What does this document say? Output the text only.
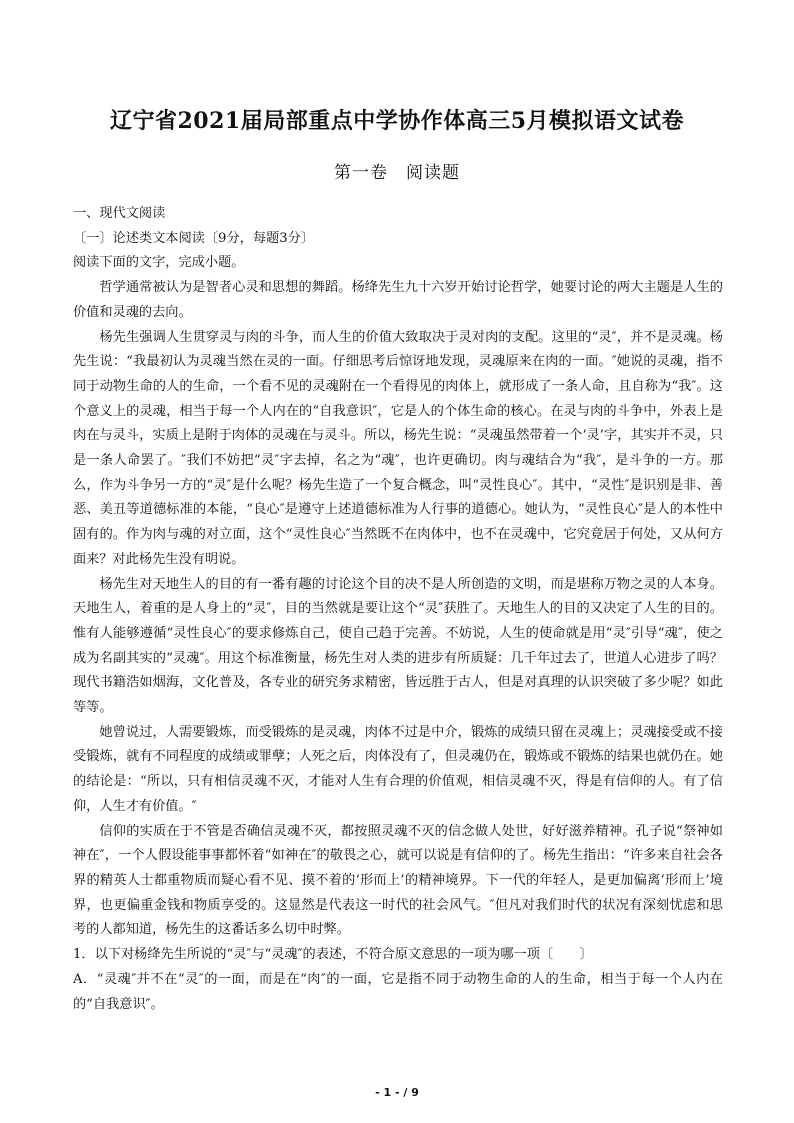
辽宁省2021届局部重点中学协作体高三5月模拟语文试卷
第一卷　阅读题

一、现代文阅读

〔一〕论述类文本阅读〔9分，每题3分〕

阅读下面的文字，完成小题。

哲学通常被认为是智者心灵和思想的舞蹈。杨绛先生九十六岁开始讨论哲学，她要讨论的两大主题是人生的价值和灵魂的去向。

杨先生强调人生贯穿灵与肉的斗争，而人生的价值大致取决于灵对肉的支配。这里的“灵″，并不是灵魂。杨先生说：“我最初认为灵魂当然在灵的一面。仔细思考后惊讶地发现，灵魂原来在肉的一面。″她说的灵魂，指不同于动物生命的人的生命，一个看不见的灵魂附在一个看得见的肉体上，就形成了一条人命，且自称为“我″。这个意义上的灵魂，相当于每一个人内在的“自我意识″，它是人的个体生命的核心。在灵与肉的斗争中，外表上是肉在与灵斗，实质上是附于肉体的灵魂在与灵斗。所以，杨先生说：“灵魂虽然带着一个‘灵’字，其实并不灵，只是一条人命罢了。″我们不妨把“灵″字去掉，名之为“魂″，也许更确切。肉与魂结合为“我″，是斗争的一方。那么，作为斗争另一方的“灵″是什么呢？杨先生造了一个复合概念，叫“灵性良心″。其中，“灵性″是识别是非、善恶、美丑等道德标准的本能，“良心″是遵守上述道德标准为人行事的道德心。她认为，“灵性良心″是人的本性中固有的。作为肉与魂的对立面，这个“灵性良心″当然既不在肉体中，也不在灵魂中，它究竟居于何处，又从何方面来？对此杨先生没有明说。

杨先生对天地生人的目的有一番有趣的讨论这个目的决不是人所创造的文明，而是堪称万物之灵的人本身。天地生人，着重的是人身上的“灵″，目的当然就是要让这个“灵″获胜了。天地生人的目的又决定了人生的目的。惟有人能够遵循“灵性良心″的要求修炼自己，使自己趋于完善。不妨说，人生的使命就是用“灵″引导“魂″，使之成为名副其实的“灵魂″。用这个标准衡量，杨先生对人类的进步有所质疑：几千年过去了，世道人心进步了吗？现代书籍浩如烟海，文化普及，各专业的研究务求精密，皆远胜于古人，但是对真理的认识突破了多少呢？如此等等。

她曾说过，人需要锻炼，而受锻炼的是灵魂，肉体不过是中介，锻炼的成绩只留在灵魂上；灵魂接受或不接受锻炼，就有不同程度的成绩或罪孽；人死之后，肉体没有了，但灵魂仍在，锻炼或不锻炼的结果也就仍在。她的结论是：“所以，只有相信灵魂不灭，才能对人生有合理的价值观，相信灵魂不灭，得是有信仰的人。有了信仰，人生才有价值。″

信仰的实质在于不管是否确信灵魂不灭，都按照灵魂不灭的信念做人处世，好好滋养精神。孔子说“祭神如神在″，一个人假设能事事都怀着“如神在″的敬畏之心，就可以说是有信仰的了。杨先生指出：“许多来自社会各界的精英人士都重物质而疑心看不见、摸不着的‘形而上’的精神境界。下一代的年轻人，是更加偏离‘形而上’境界，也更偏重金钱和物质享受的。这显然是代表这一时代的社会风气。″但凡对我们时代的状况有深刻忧虑和思考的人都知道，杨先生的这番话多么切中时弊。

1．以下对杨绛先生所说的“灵″与“灵魂″的表述，不符合原文意思的一项为哪一项〔　　〕

A．“灵魂″并不在“灵″的一面，而是在“肉″的一面，它是指不同于动物生命的人的生命，相当于每一个人内在的“自我意识″。

- 1 - / 9
